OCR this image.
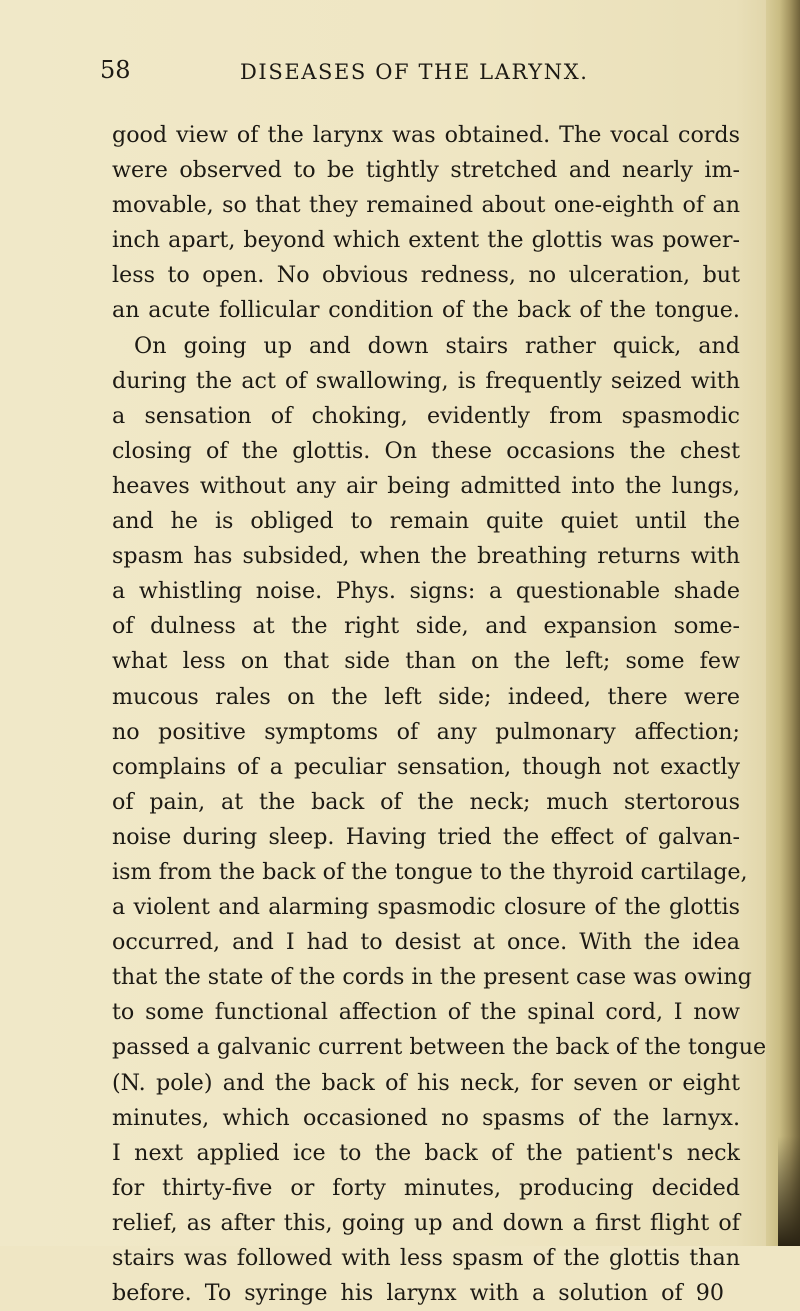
58	DISEASES OF THE LARYNX.
good view of the larynx was obtained. The vocal cords
were observed to be tightly stretched and nearly im-
movable, so that they remained about one-eighth of an
inch apart, beyond which extent the glottis was power-
less to open. No obvious redness, no ulceration, but
an acute follicular condition of the back of the tongue.
On going up and down stairs rather quick, and
during the act of swallowing, is frequently seized with
a sensation of choking, evidently from spasmodic
closing of the glottis. On these occasions the chest
heaves without any air being admitted into the lungs,
and he is obliged to remain quite quiet until the
spasm has subsided, when the breathing returns with
a whistling noise. Phys. signs: a questionable shade
of dulness at the right side, and expansion some-
what less on that side than on the left; some few
mucous rales on the left side; indeed, there were
no positive symptoms of any pulmonary affection;
complains of a peculiar sensation, though not exactly
of pain, at the back of the neck; much stertorous
noise during sleep. Having tried the effect of galvan-
ism from the back of the tongue to the thyroid cartilage,
a violent and alarming spasmodic closure of the glottis
occurred, and I had to desist at once. With the idea
that the state of the cords in the present case was owing
to some functional affection of the spinal cord, I now
passed a galvanic current between the back of the tongue
(N. pole) and the back of his neck, for seven or eight
minutes, which occasioned no spasms of the larnyx.
I next applied ice to the back of the patient's neck
for thirty-five or forty minutes, producing decided
relief, as after this, going up and down a first flight of
stairs was followed with less spasm of the glottis than
before. To syringe his larynx with a solution of 90
